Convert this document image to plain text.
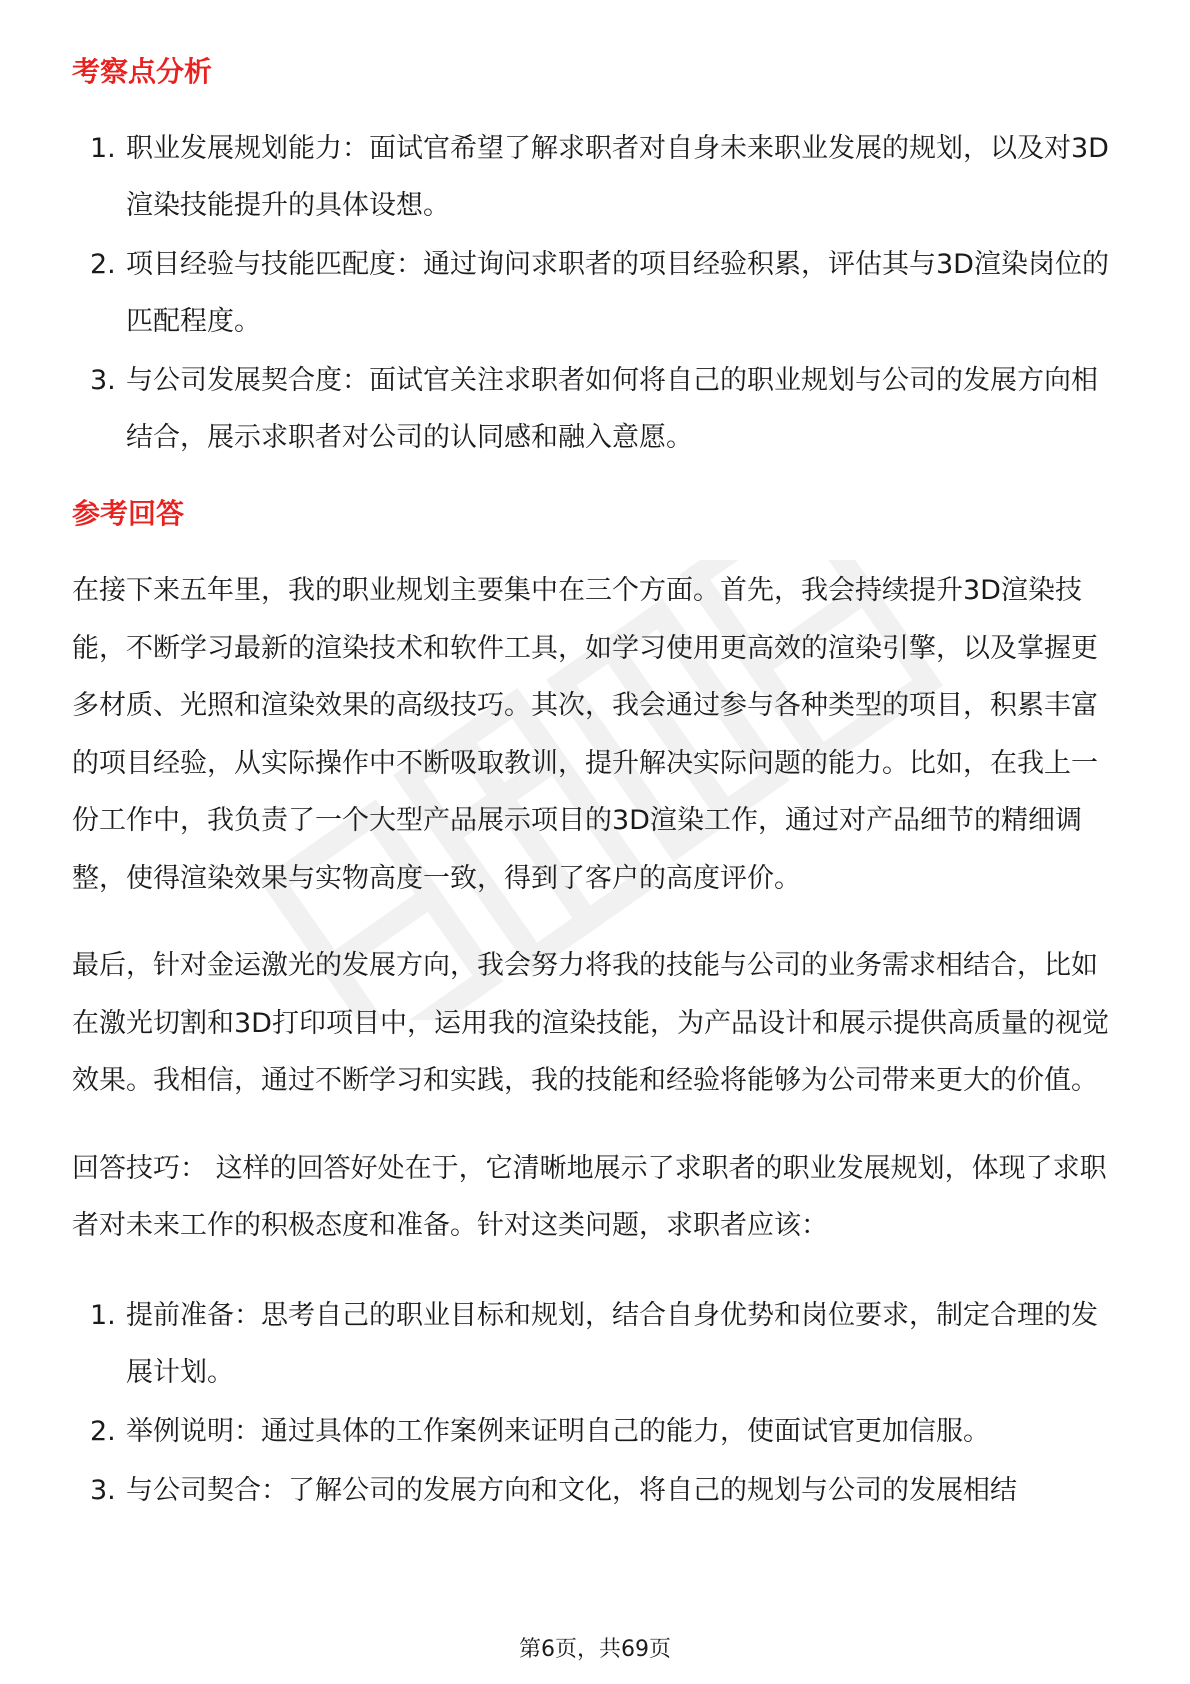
考察点分析
1. 职业发展规划能力：面试官希望了解求职者对自身未来职业发展的规划，以及对3D渲染技能提升的具体设想。
2. 项目经验与技能匹配度：通过询问求职者的项目经验积累，评估其与3D渲染岗位的匹配程度。
3. 与公司发展契合度：面试官关注求职者如何将自己的职业规划与公司的发展方向相结合，展示求职者对公司的认同感和融入意愿。
参考回答

在接下来五年里，我的职业规划主要集中在三个方面。首先，我会持续提升3D渲染技能，不断学习最新的渲染技术和软件工具，如学习使用更高效的渲染引擎，以及掌握更多材质、光照和渲染效果的高级技巧。其次，我会通过参与各种类型的项目，积累丰富的项目经验，从实际操作中不断吸取教训，提升解决实际问题的能力。比如，在我上一份工作中，我负责了一个大型产品展示项目的3D渲染工作，通过对产品细节的精细调整，使得渲染效果与实物高度一致，得到了客户的高度评价。

最后，针对金运激光的发展方向，我会努力将我的技能与公司的业务需求相结合，比如在激光切割和3D打印项目中，运用我的渲染技能，为产品设计和展示提供高质量的视觉效果。我相信，通过不断学习和实践，我的技能和经验将能够为公司带来更大的价值。

回答技巧： 这样的回答好处在于，它清晰地展示了求职者的职业发展规划，体现了求职者对未来工作的积极态度和准备。针对这类问题，求职者应该：

1. 提前准备：思考自己的职业目标和规划，结合自身优势和岗位要求，制定合理的发展计划。
2. 举例说明：通过具体的工作案例来证明自己的能力，使面试官更加信服。
3. 与公司契合：了解公司的发展方向和文化，将自己的规划与公司的发展相结
第6页，共69页
